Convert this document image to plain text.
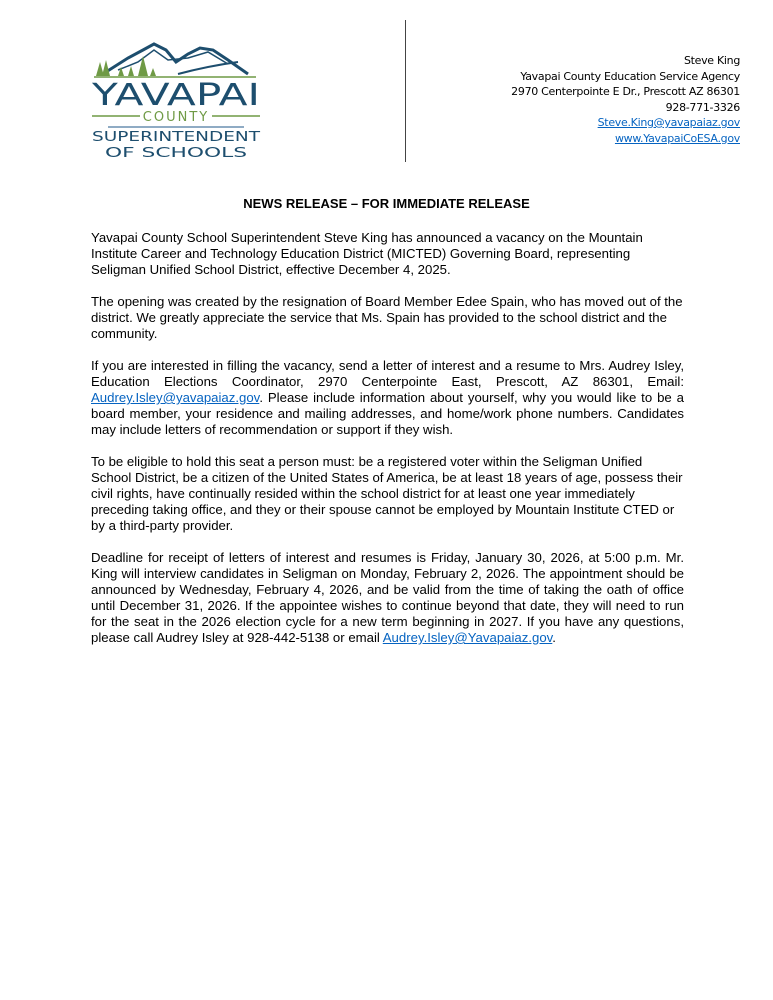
YAVAPAI
COUNTY
SUPERINTENDENT
OF SCHOOLS
Steve King
Yavapai County Education Service Agency
2970 Centerpointe E Dr., Prescott AZ 86301
928-771-3326
Steve.King@yavapaiaz.gov
www.YavapaiCoESA.gov
NEWS RELEASE – FOR IMMEDIATE RELEASE

Yavapai County School Superintendent Steve King has announced a vacancy on the Mountain Institute Career and Technology Education District (MICTED) Governing Board, representing Seligman Unified School District, effective December 4, 2025.

The opening was created by the resignation of Board Member Edee Spain, who has moved out of the district. We greatly appreciate the service that Ms. Spain has provided to the school district and the community.

If you are interested in filling the vacancy, send a letter of interest and a resume to Mrs. Audrey Isley, Education Elections Coordinator, 2970 Centerpointe East, Prescott, AZ 86301, Email: Audrey.Isley@yavapaiaz.gov. Please include information about yourself, why you would like to be a board member, your residence and mailing addresses, and home/work phone numbers. Candidates may include letters of recommendation or support if they wish.

To be eligible to hold this seat a person must: be a registered voter within the Seligman Unified School District, be a citizen of the United States of America, be at least 18 years of age, possess their civil rights, have continually resided within the school district for at least one year immediately preceding taking office, and they or their spouse cannot be employed by Mountain Institute CTED or by a third-party provider.

Deadline for receipt of letters of interest and resumes is Friday, January 30, 2026, at 5:00 p.m. Mr. King will interview candidates in Seligman on Monday, February 2, 2026. The appointment should be announced by Wednesday, February 4, 2026, and be valid from the time of taking the oath of office until December 31, 2026. If the appointee wishes to continue beyond that date, they will need to run for the seat in the 2026 election cycle for a new term beginning in 2027. If you have any questions, please call Audrey Isley at 928-442-5138 or email Audrey.Isley@Yavapaiaz.gov.
